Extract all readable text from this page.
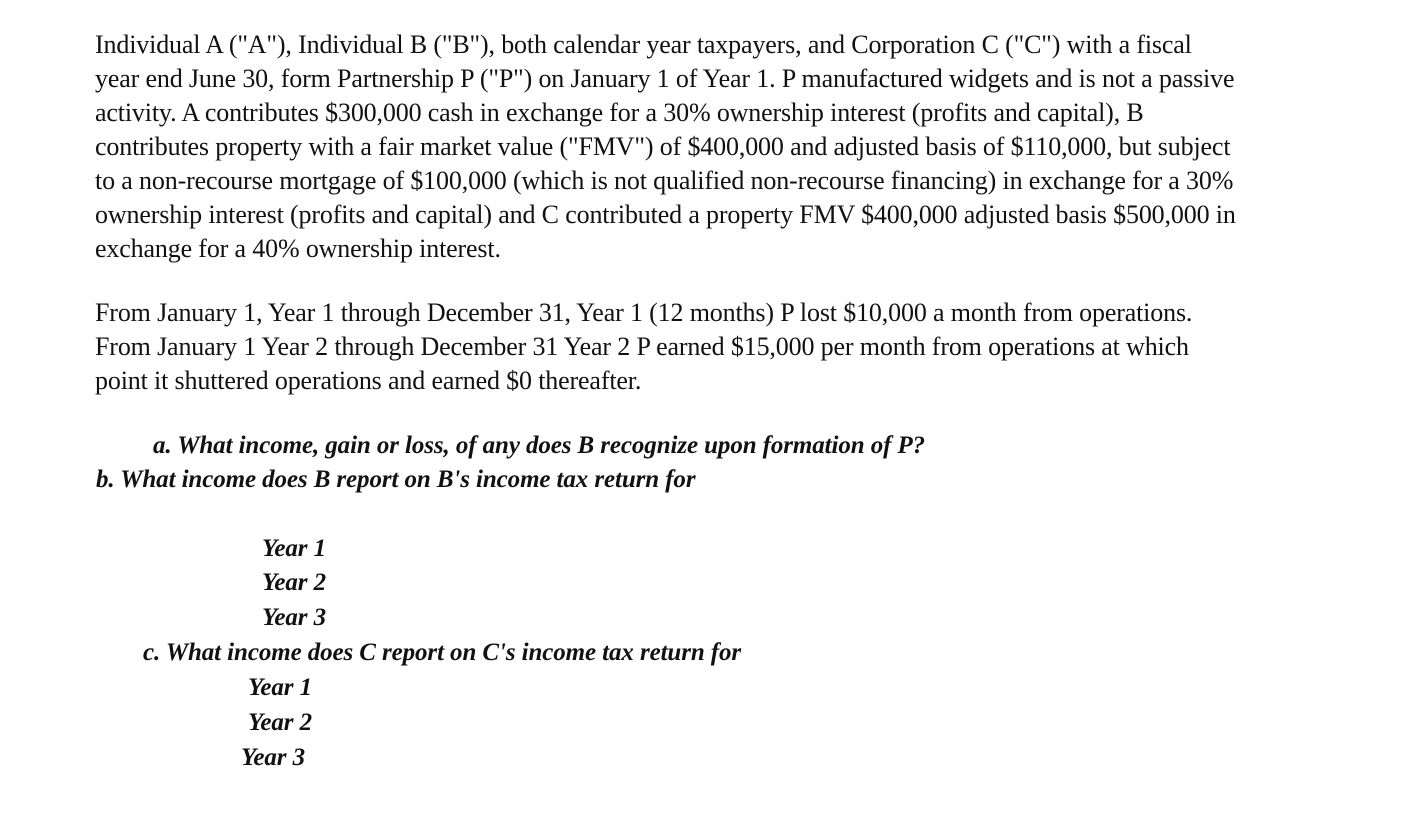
Individual A ("A"), Individual B ("B"), both calendar year taxpayers, and Corporation C ("C") with a fiscal
year end June 30, form Partnership P ("P") on January 1 of Year 1. P manufactured widgets and is not a passive
activity. A contributes $300,000 cash in exchange for a 30% ownership interest (profits and capital), B
contributes property with a fair market value ("FMV") of $400,000 and adjusted basis of $110,000, but subject
to a non-recourse mortgage of $100,000 (which is not qualified non-recourse financing) in exchange for a 30%
ownership interest (profits and capital) and C contributed a property FMV $400,000 adjusted basis $500,000 in
exchange for a 40% ownership interest.
From January 1, Year 1 through December 31, Year 1 (12 months) P lost $10,000 a month from operations.
From January 1 Year 2 through December 31 Year 2 P earned $15,000 per month from operations at which
point it shuttered operations and earned $0 thereafter.
a. What income, gain or loss, of any does B recognize upon formation of P?
b. What income does B report on B's income tax return for
Year 1
Year 2
Year 3
c. What income does C report on C's income tax return for
Year 1
Year 2
Year 3
